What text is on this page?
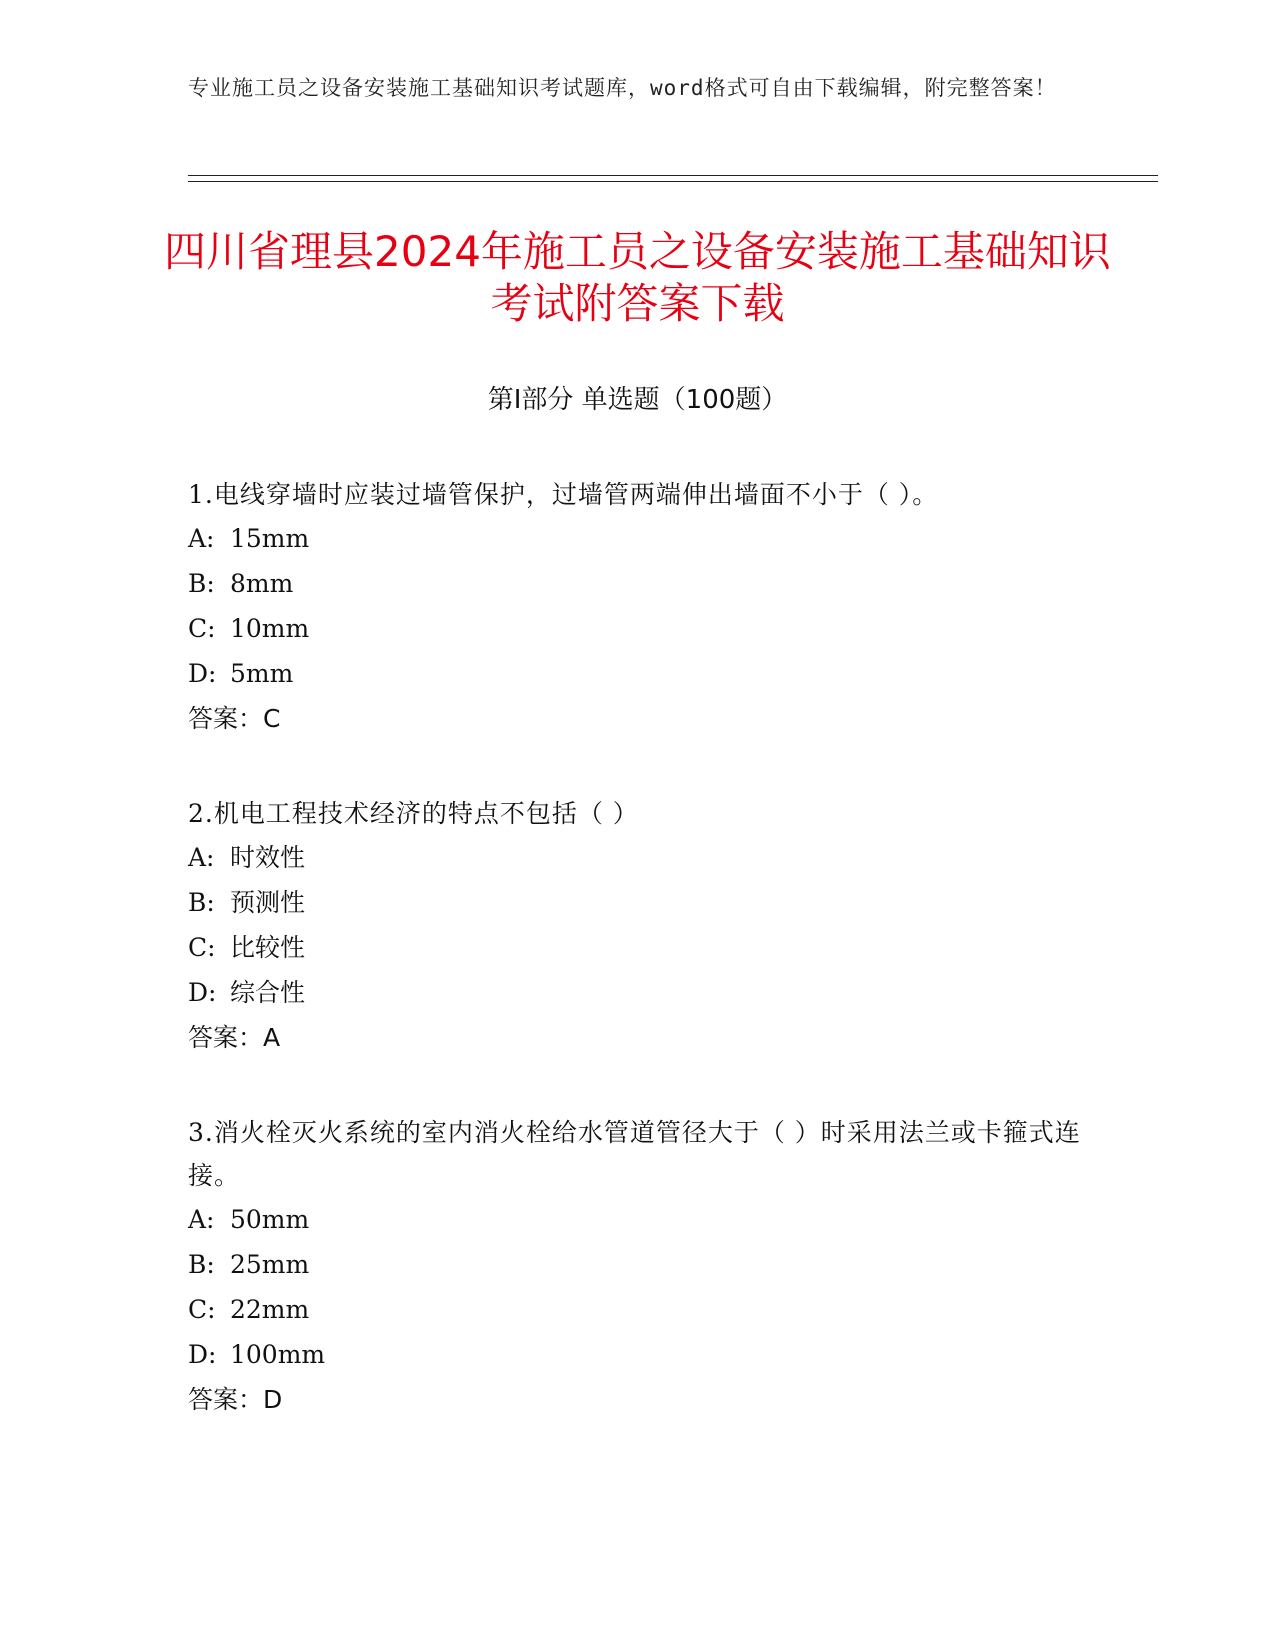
专业施工员之设备安装施工基础知识考试题库，word格式可自由下载编辑，附完整答案！
四川省理县2024年施工员之设备安装施工基础知识考试附答案下载
第Ⅰ部分 单选题（100题）
1.电线穿墙时应装过墙管保护，过墙管两端伸出墙面不小于（ ）。
A: 15mm
B: 8mm
C: 10mm
D: 5mm
答案：C
2.机电工程技术经济的特点不包括（ ）
A: 时效性
B: 预测性
C: 比较性
D: 综合性
答案：A
3.消火栓灭火系统的室内消火栓给水管道管径大于（ ）时采用法兰或卡箍式连接。
A: 50mm
B: 25mm
C: 22mm
D: 100mm
答案：D
